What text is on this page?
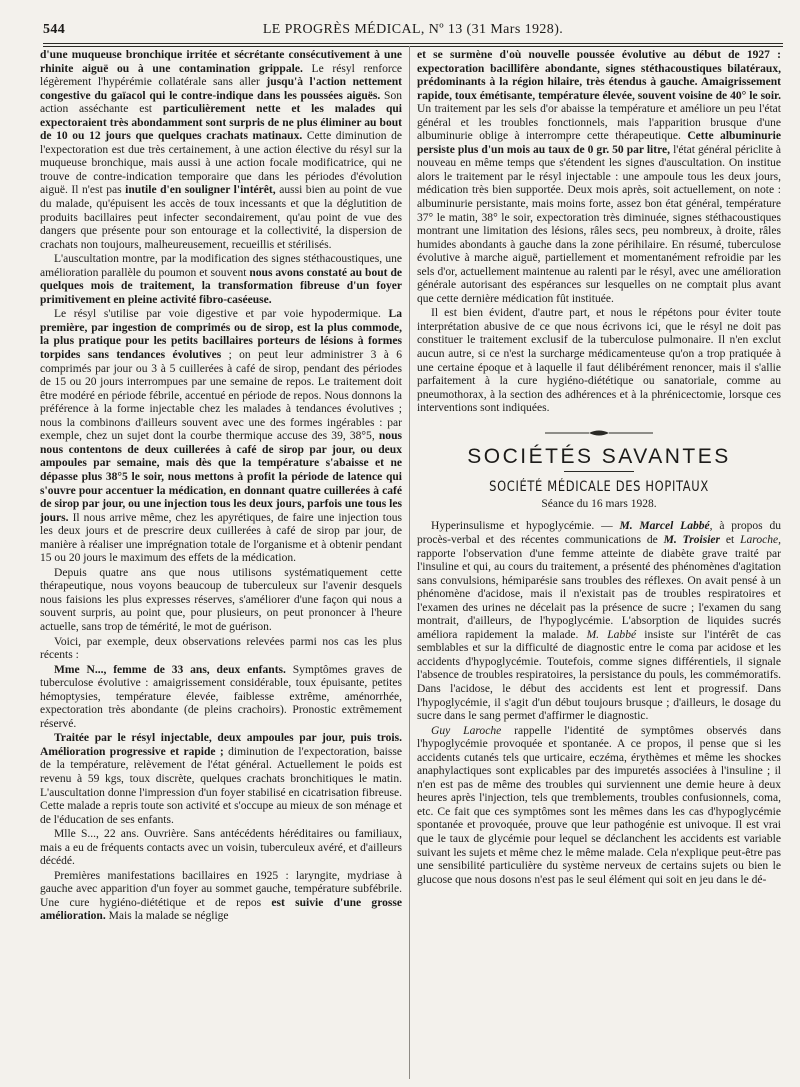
544	LE PROGRÈS MÉDICAL, Nº 13 (31 Mars 1928).

d'une muqueuse bronchique irritée et sécrétante consécutivement à une rhinite aiguë ou à une contamination grippale. Le résyl renforce légèrement l'hypérémie collatérale sans aller jusqu'à l'action nettement congestive du gaïacol qui le contre-indique dans les poussées aiguës. Son action asséchante est particulièrement nette et les malades qui expectoraient très abondamment sont surpris de ne plus éliminer au bout de 10 ou 12 jours que quelques crachats matinaux. Cette diminution de l'expectoration est due très certainement, à une action élective du résyl sur la muqueuse bronchique, mais aussi à une action focale modificatrice, qui ne trouve de contre-indication temporaire que dans les périodes d'évolution aiguë. Il n'est pas inutile d'en souligner l'intérêt, aussi bien au point de vue du malade, qu'épuisent les accès de toux incessants et que la déglutition de produits bacillaires peut infecter secondairement, qu'au point de vue des dangers que présente pour son entourage et la collectivité, la dispersion de crachats non toujours, malheureusement, recueillis et stérilisés.

L'auscultation montre, par la modification des signes stéthacoustiques, une amélioration parallèle du poumon et souvent nous avons constaté au bout de quelques mois de traitement, la transformation fibreuse d'un foyer primitivement en pleine activité fibro-caséeuse.

Le résyl s'utilise par voie digestive et par voie hypodermique. La première, par ingestion de comprimés ou de sirop, est la plus commode, la plus pratique pour les petits bacillaires porteurs de lésions à formes torpides sans tendances évolutives ; on peut leur administrer 3 à 6 comprimés par jour ou 3 à 5 cuillerées à café de sirop, pendant des périodes de 15 ou 20 jours interrompues par une semaine de repos. Le traitement doit être modéré en période fébrile, accentué en période de repos. Nous donnons la préférence à la forme injectable chez les malades à tendances évolutives ; nous la combinons d'ailleurs souvent avec une des formes ingérables : par exemple, chez un sujet dont la courbe thermique accuse des 39, 38°5, nous nous contentons de deux cuillerées à café de sirop par jour, ou deux ampoules par semaine, mais dès que la température s'abaisse et ne dépasse plus 38°5 le soir, nous mettons à profit la période de latence qui s'ouvre pour accentuer la médication, en donnant quatre cuillerées à café de sirop par jour, ou une injection tous les deux jours, parfois une tous les jours. Il nous arrive même, chez les apyrétiques, de faire une injection tous les deux jours et de prescrire deux cuillerées à café de sirop par jour, de manière à réaliser une imprégnation totale de l'organisme et à obtenir pendant 15 ou 20 jours le maximum des effets de la médication.

Depuis quatre ans que nous utilisons systématiquement cette thérapeutique, nous voyons beaucoup de tuberculeux sur l'avenir desquels nous faisions les plus expresses réserves, s'améliorer d'une façon qui nous a souvent surpris, au point que, pour plusieurs, on peut prononcer à l'heure actuelle, sans trop de témérité, le mot de guérison.

Voici, par exemple, deux observations relevées parmi nos cas les plus récents :

Mme N..., femme de 33 ans, deux enfants. Symptômes graves de tuberculose évolutive : amaigrissement considérable, toux épuisante, petites hémoptysies, température élevée, faiblesse extrême, aménorrhée, expectoration très abondante (de pleins crachoirs). Pronostic extrêmement réservé.

Traitée par le résyl injectable, deux ampoules par jour, puis trois. Amélioration progressive et rapide ; diminution de l'expectoration, baisse de la température, relèvement de l'état général. Actuellement le poids est revenu à 59 kgs, toux discrète, quelques crachats bronchitiques le matin. L'auscultation donne l'impression d'un foyer stabilisé en cicatrisation fibreuse. Cette malade a repris toute son activité et s'occupe au mieux de son ménage et de l'éducation de ses enfants.

Mlle S..., 22 ans. Ouvrière. Sans antécédents héréditaires ou familiaux, mais a eu de fréquents contacts avec un voisin, tuberculeux avéré, et d'ailleurs décédé.

Premières manifestations bacillaires en 1925 : laryngite, mydriase à gauche avec apparition d'un foyer au sommet gauche, température subfébrile. Une cure hygiéno-diététique et de repos est suivie d'une grosse amélioration. Mais la malade se néglige

et se surmène d'où nouvelle poussée évolutive au début de 1927 : expectoration bacillifère abondante, signes stéthacoustiques bilatéraux, prédominants à la région hilaire, très étendus à gauche. Amaigrissement rapide, toux émétisante, température élevée, souvent voisine de 40° le soir. Un traitement par les sels d'or abaisse la température et améliore un peu l'état général et les troubles fonctionnels, mais l'apparition brusque d'une albuminurie oblige à interrompre cette thérapeutique. Cette albuminurie persiste plus d'un mois au taux de 0 gr. 50 par litre, l'état général périclite à nouveau en même temps que s'étendent les signes d'auscultation. On institue alors le traitement par le résyl injectable : une ampoule tous les deux jours, médication très bien supportée. Deux mois après, soit actuellement, on note : albuminurie persistante, mais moins forte, assez bon état général, température 37° le matin, 38° le soir, expectoration très diminuée, signes stéthacoustiques montrant une limitation des lésions, râles secs, peu nombreux, à droite, râles humides abondants à gauche dans la zone périhilaire. En résumé, tuberculose évolutive à marche aiguë, partiellement et momentanément refroidie par les sels d'or, actuellement maintenue au ralenti par le résyl, avec une amélioration générale autorisant des espérances sur lesquelles on ne comptait plus avant que cette dernière médication fût instituée.

Il est bien évident, d'autre part, et nous le répétons pour éviter toute interprétation abusive de ce que nous écrivons ici, que le résyl ne doit pas constituer le traitement exclusif de la tuberculose pulmonaire. Il n'en exclut aucun autre, si ce n'est la surcharge médicamenteuse qu'on a trop pratiquée à une certaine époque et à laquelle il faut délibérément renoncer, mais il s'allie parfaitement à la cure hygiéno-diététique ou sanatoriale, comme au pneumothorax, à la section des adhérences et à la phrénicectomie, lorsque ces interventions sont indiquées.

SOCIÉTÉS SAVANTES
SOCIÉTÉ MÉDICALE DES HOPITAUX
Séance du 16 mars 1928.

Hyperinsulisme et hypoglycémie. — M. Marcel Labbé, à propos du procès-verbal et des récentes communications de M. Troisier et Laroche, rapporte l'observation d'une femme atteinte de diabète grave traité par l'insuline et qui, au cours du traitement, a présenté des phénomènes d'agitation sans convulsions, hémiparésie sans troubles des réflexes. On avait pensé à un phénomène d'acidose, mais il n'existait pas de troubles respiratoires et l'examen des urines ne décelait pas la présence de sucre ; l'examen du sang montrait, d'ailleurs, de l'hypoglycémie. L'absorption de liquides sucrés améliora rapidement la malade. M. Labbé insiste sur l'intérêt de cas semblables et sur la difficulté de diagnostic entre le coma par acidose et les accidents d'hypoglycémie. Toutefois, comme signes différentiels, il signale l'absence de troubles respiratoires, la persistance du pouls, les commémoratifs. Dans l'acidose, le début des accidents est lent et progressif. Dans l'hypoglycémie, il s'agit d'un début toujours brusque ; d'ailleurs, le dosage du sucre dans le sang permet d'affirmer le diagnostic.

Guy Laroche rappelle l'identité de symptômes observés dans l'hypoglycémie provoquée et spontanée. A ce propos, il pense que si les accidents cutanés tels que urticaire, eczéma, érythèmes et même les shockes anaphylactiques sont explicables par des impuretés associées à l'insuline ; il n'en est pas de même des troubles qui surviennent une demie heure à deux heures après l'injection, tels que tremblements, troubles confusionnels, coma, etc. Ce fait que ces symptômes sont les mêmes dans les cas d'hypoglycémie spontanée et provoquée, prouve que leur pathogénie est univoque. Il est vrai que le taux de glycémie pour lequel se déclanchent les accidents est variable suivant les sujets et même chez le même malade. Cela n'explique peut-être pas une sensibilité particulière du système nerveux de certains sujets ou bien le glucose que nous dosons n'est pas le seul élément qui soit en jeu dans le dé-
